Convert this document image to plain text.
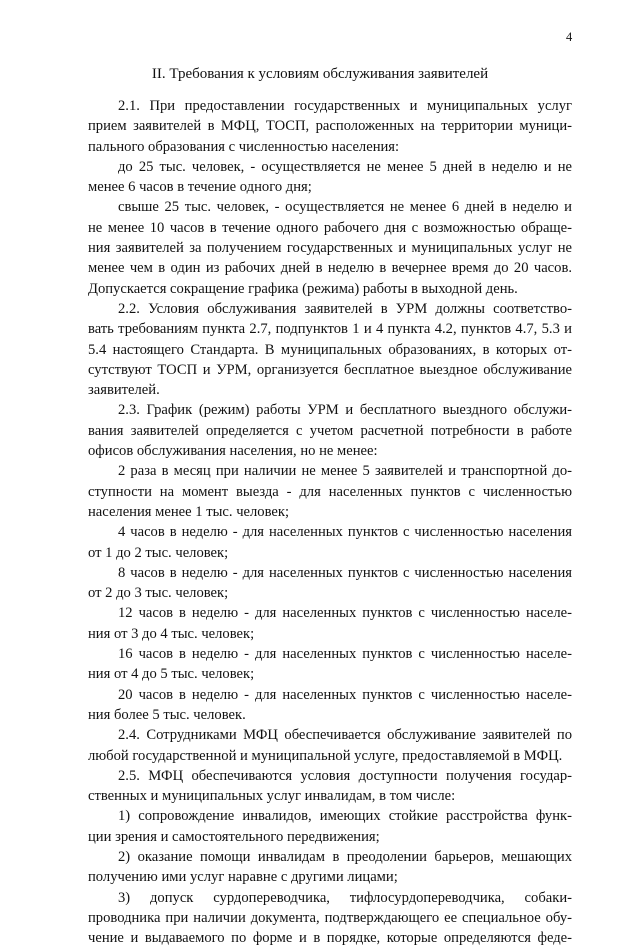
4
II. Требования к условиям обслуживания заявителей
2.1. При предоставлении государственных и муниципальных услуг
прием заявителей в МФЦ, ТОСП, расположенных на территории муници-
пального образования с численностью населения:
до 25 тыс. человек, - осуществляется не менее 5 дней в неделю и не
менее 6 часов в течение одного дня;
свыше 25 тыс. человек, - осуществляется не менее 6 дней в неделю и
не менее 10 часов в течение одного рабочего дня с возможностью обраще-
ния заявителей за получением государственных и муниципальных услуг не
менее чем в один из рабочих дней в неделю в вечернее время до 20 часов.
Допускается сокращение графика (режима) работы в выходной день.
2.2. Условия обслуживания заявителей в УРМ должны соответство-
вать требованиям пункта 2.7, подпунктов 1 и 4 пункта 4.2, пунктов 4.7, 5.3 и
5.4 настоящего Стандарта. В муниципальных образованиях, в которых от-
сутствуют ТОСП и УРМ, организуется бесплатное выездное обслуживание
заявителей.
2.3. График (режим) работы УРМ и бесплатного выездного обслужи-
вания заявителей определяется с учетом расчетной потребности в работе
офисов обслуживания населения, но не менее:
2 раза в месяц при наличии не менее 5 заявителей и транспортной до-
ступности на момент выезда - для населенных пунктов с численностью
населения менее 1 тыс. человек;
4 часов в неделю - для населенных пунктов с численностью населения
от 1 до 2 тыс. человек;
8 часов в неделю - для населенных пунктов с численностью населения
от 2 до 3 тыс. человек;
12 часов в неделю - для населенных пунктов с численностью населе-
ния от 3 до 4 тыс. человек;
16 часов в неделю - для населенных пунктов с численностью населе-
ния от 4 до 5 тыс. человек;
20 часов в неделю - для населенных пунктов с численностью населе-
ния более 5 тыс. человек.
2.4. Сотрудниками МФЦ обеспечивается обслуживание заявителей по
любой государственной и муниципальной услуге, предоставляемой в МФЦ.
2.5. МФЦ обеспечиваются условия доступности получения государ-
ственных и муниципальных услуг инвалидам, в том числе:
1) сопровождение инвалидов, имеющих стойкие расстройства функ-
ции зрения и самостоятельного передвижения;
2) оказание помощи инвалидам в преодолении барьеров, мешающих
получению ими услуг наравне с другими лицами;
3) допуск сурдопереводчика, тифлосурдопереводчика, собаки-
проводника при наличии документа, подтверждающего ее специальное обу-
чение и выдаваемого по форме и в порядке, которые определяются феде-
